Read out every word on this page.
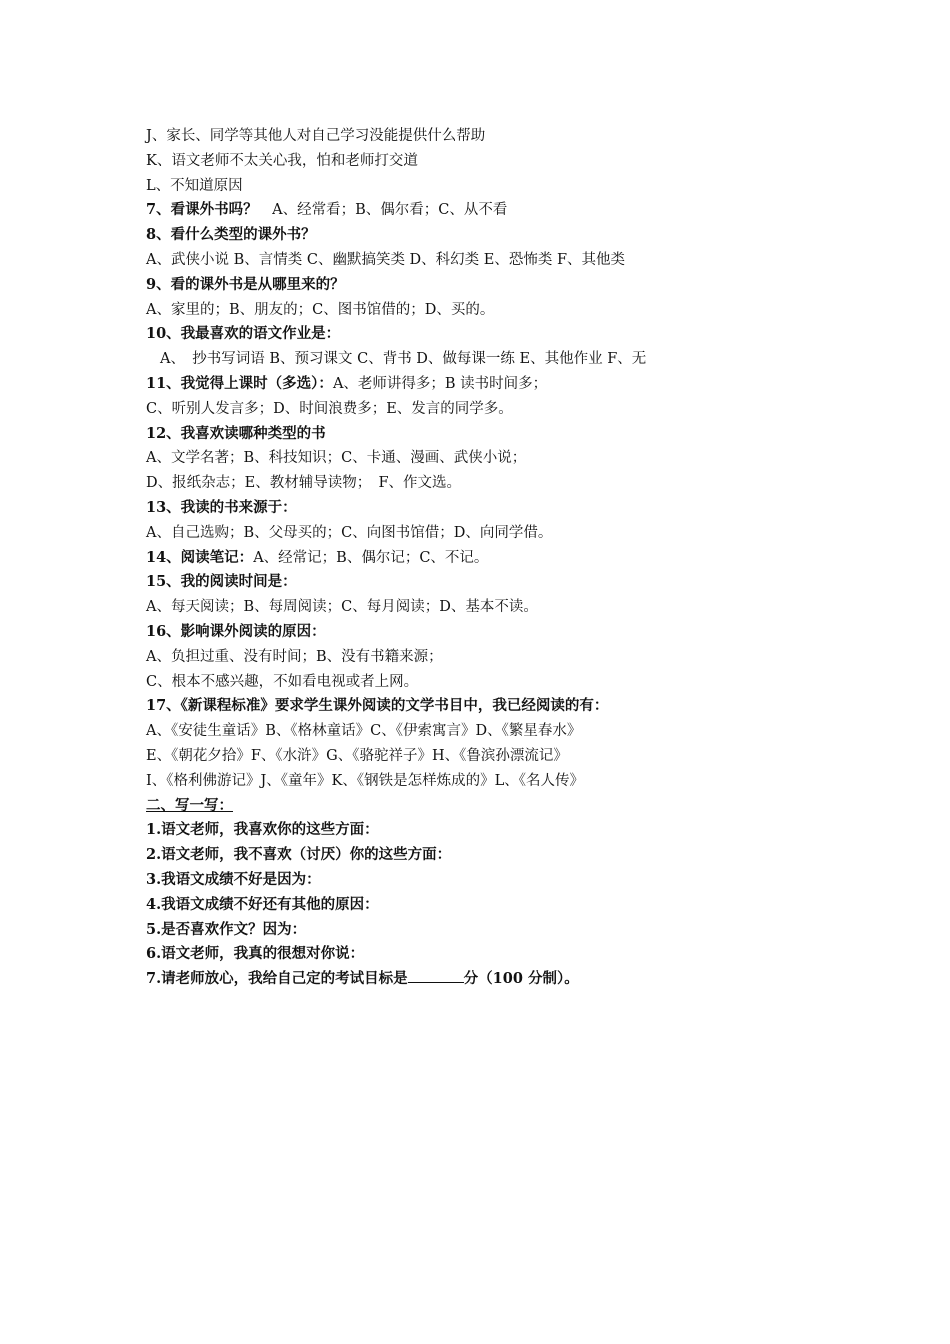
J、家长、同学等其他人对自己学习没能提供什么帮助
K、语文老师不太关心我，怕和老师打交道
L、不知道原因
7、看课外书吗？　A、经常看；B、偶尔看；C、从不看
8、看什么类型的课外书？
A、武侠小说 B、言情类 C、幽默搞笑类 D、科幻类 E、恐怖类 F、其他类
9、看的课外书是从哪里来的？
A、家里的；B、朋友的；C、图书馆借的；D、买的。
10、我最喜欢的语文作业是：
A、　抄书写词语 B、预习课文 C、背书 D、做每课一练 E、其他作业 F、无
11、我觉得上课时（多选）：A、老师讲得多；B 读书时间多；
C、听别人发言多；D、时间浪费多；E、发言的同学多。
12、我喜欢读哪种类型的书
A、文学名著；B、科技知识；C、卡通、漫画、武侠小说；
D、报纸杂志；E、教材辅导读物；　F、作文选。
13、我读的书来源于：
A、自己选购；B、父母买的；C、向图书馆借；D、向同学借。
14、阅读笔记：A、经常记；B、偶尔记；C、不记。
15、我的阅读时间是：
A、每天阅读；B、每周阅读；C、每月阅读；D、基本不读。
16、影响课外阅读的原因：
A、负担过重、没有时间；B、没有书籍来源；
C、根本不感兴趣，不如看电视或者上网。
17、《新课程标准》要求学生课外阅读的文学书目中，我已经阅读的有：
A、《安徒生童话》B、《格林童话》C、《伊索寓言》D、《繁星春水》
E、《朝花夕拾》F、《水浒》G、《骆驼祥子》H、《鲁滨孙漂流记》
I、《格利佛游记》J、《童年》K、《钢铁是怎样炼成的》L、《名人传》
二、写一写：
1.语文老师，我喜欢你的这些方面：
2.语文老师，我不喜欢（讨厌）你的这些方面：
3.我语文成绩不好是因为：
4.我语文成绩不好还有其他的原因：
5.是否喜欢作文？因为：
6.语文老师，我真的很想对你说：
7.请老师放心，我给自己定的考试目标是	分（100 分制）。
